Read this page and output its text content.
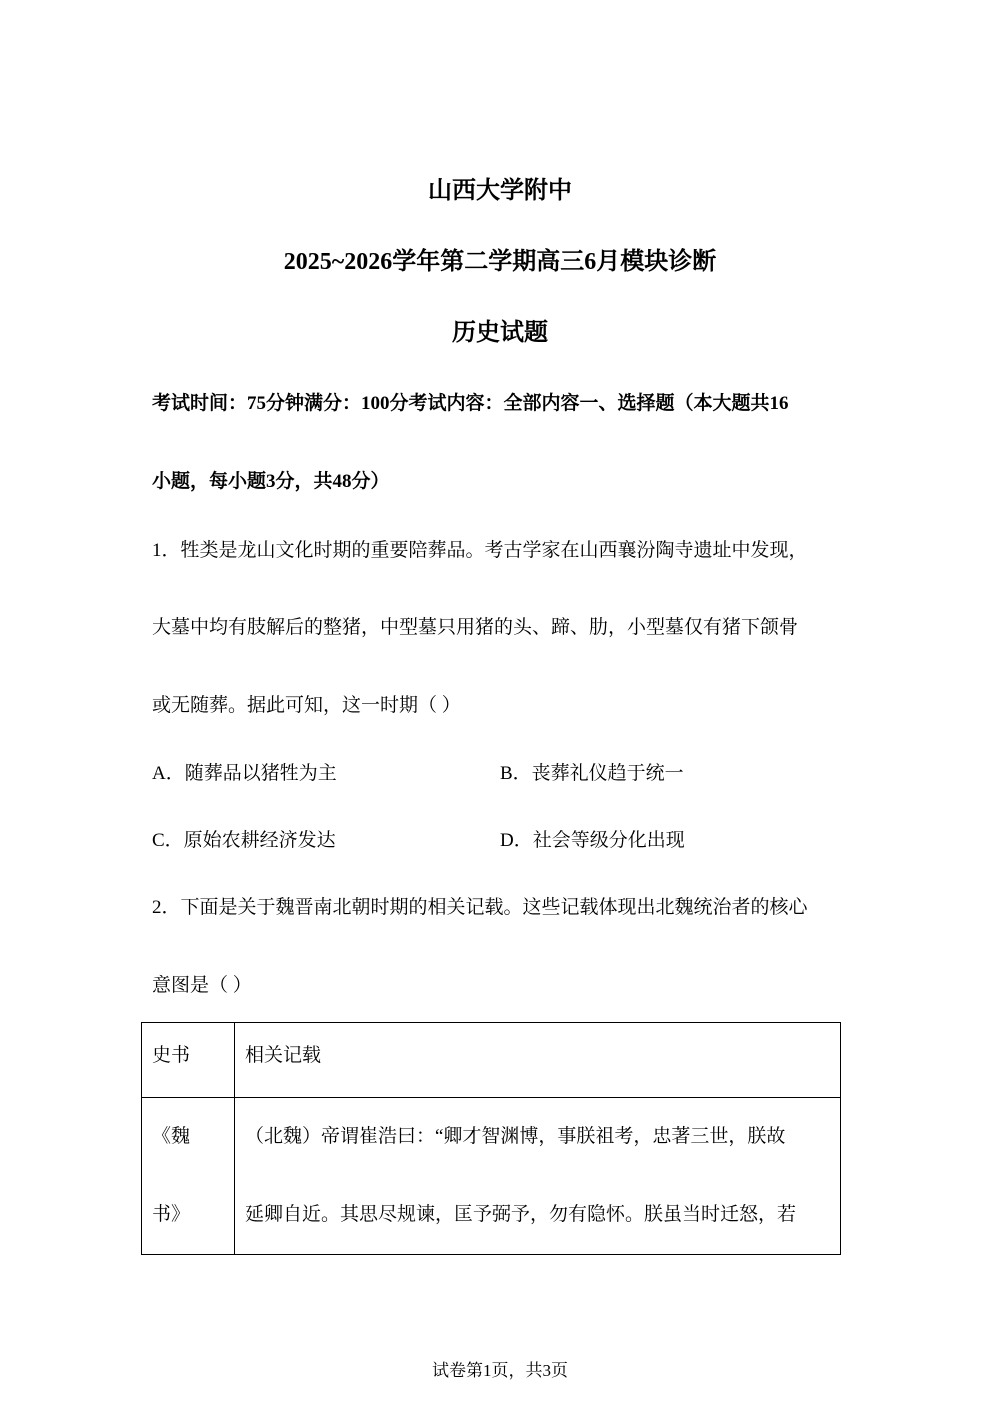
山西大学附中
2025~2026学年第二学期高三6月模块诊断
历史试题
考试时间：75分钟满分：100分考试内容：全部内容一、选择题（本大题共16
小题，每小题3分，共48分）
1．牲类是龙山文化时期的重要陪葬品。考古学家在山西襄汾陶寺遗址中发现，
大墓中均有肢解后的整猪，中型墓只用猪的头、蹄、肋，小型墓仅有猪下颌骨
或无随葬。据此可知，这一时期（ ）
A．随葬品以猪牲为主	B．丧葬礼仪趋于统一
C．原始农耕经济发达	D．社会等级分化出现
2．下面是关于魏晋南北朝时期的相关记载。这些记载体现出北魏统治者的核心
意图是（ ）
史书	相关记载

《魏
书》	（北魏）帝谓崔浩曰：“卿才智渊博，事朕祖考，忠著三世，朕故
延卿自近。其思尽规谏，匡予弼予，勿有隐怀。朕虽当时迁怒，若
试卷第1页，共3页
